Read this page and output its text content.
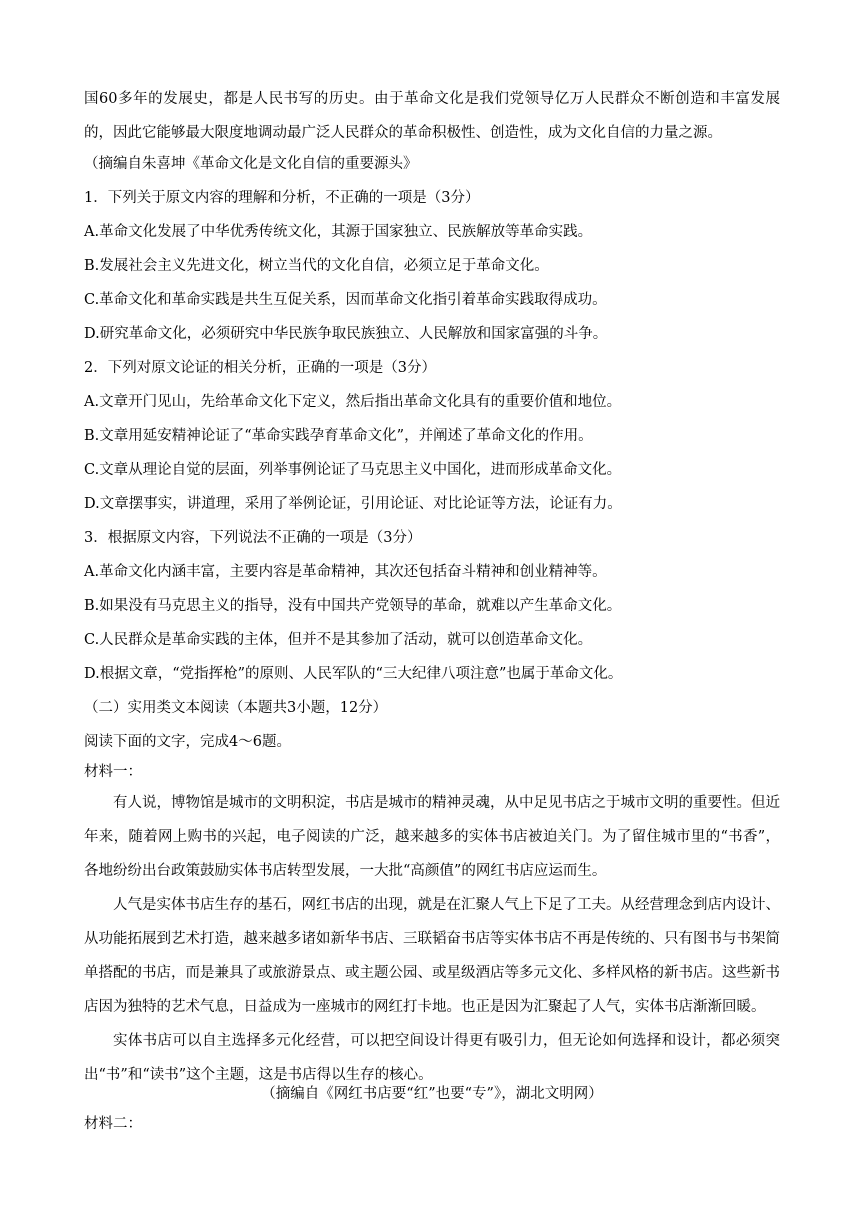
国60多年的发展史，都是人民书写的历史。由于革命文化是我们党领导亿万人民群众不断创造和丰富发展的，因此它能够最大限度地调动最广泛人民群众的革命积极性、创造性，成为文化自信的力量之源。
（摘编自朱喜坤《革命文化是文化自信的重要源头》
1．下列关于原文内容的理解和分析，不正确的一项是（3分）
A.革命文化发展了中华优秀传统文化，其源于国家独立、民族解放等革命实践。
B.发展社会主义先进文化，树立当代的文化自信，必须立足于革命文化。
C.革命文化和革命实践是共生互促关系，因而革命文化指引着革命实践取得成功。
D.研究革命文化，必须研究中华民族争取民族独立、人民解放和国家富强的斗争。
2．下列对原文论证的相关分析，正确的一项是（3分）
A.文章开门见山，先给革命文化下定义，然后指出革命文化具有的重要价值和地位。
B.文章用延安精神论证了“革命实践孕育革命文化”，并阐述了革命文化的作用。
C.文章从理论自觉的层面，列举事例论证了马克思主义中国化，进而形成革命文化。
D.文章摆事实，讲道理，采用了举例论证，引用论证、对比论证等方法，论证有力。
3．根据原文内容，下列说法不正确的一项是（3分）
A.革命文化内涵丰富，主要内容是革命精神，其次还包括奋斗精神和创业精神等。
B.如果没有马克思主义的指导，没有中国共产党领导的革命，就难以产生革命文化。
C.人民群众是革命实践的主体，但并不是其参加了活动，就可以创造革命文化。
D.根据文章，“党指挥枪”的原则、人民军队的“三大纪律八项注意”也属于革命文化。
（二）实用类文本阅读（本题共3小题，12分）
阅读下面的文字，完成4～6题。
材料一：
有人说，博物馆是城市的文明积淀，书店是城市的精神灵魂，从中足见书店之于城市文明的重要性。但近年来，随着网上购书的兴起，电子阅读的广泛，越来越多的实体书店被迫关门。为了留住城市里的“书香”，各地纷纷出台政策鼓励实体书店转型发展，一大批“高颜值”的网红书店应运而生。
人气是实体书店生存的基石，网红书店的出现，就是在汇聚人气上下足了工夫。从经营理念到店内设计、从功能拓展到艺术打造，越来越多诸如新华书店、三联韬奋书店等实体书店不再是传统的、只有图书与书架简单搭配的书店，而是兼具了或旅游景点、或主题公园、或星级酒店等多元文化、多样风格的新书店。这些新书店因为独特的艺术气息，日益成为一座城市的网红打卡地。也正是因为汇聚起了人气，实体书店渐渐回暖。
实体书店可以自主选择多元化经营，可以把空间设计得更有吸引力，但无论如何选择和设计，都必须突出“书”和“读书”这个主题，这是书店得以生存的核心。
（摘编自《网红书店要“红”也要“专”》，湖北文明网）
材料二：
